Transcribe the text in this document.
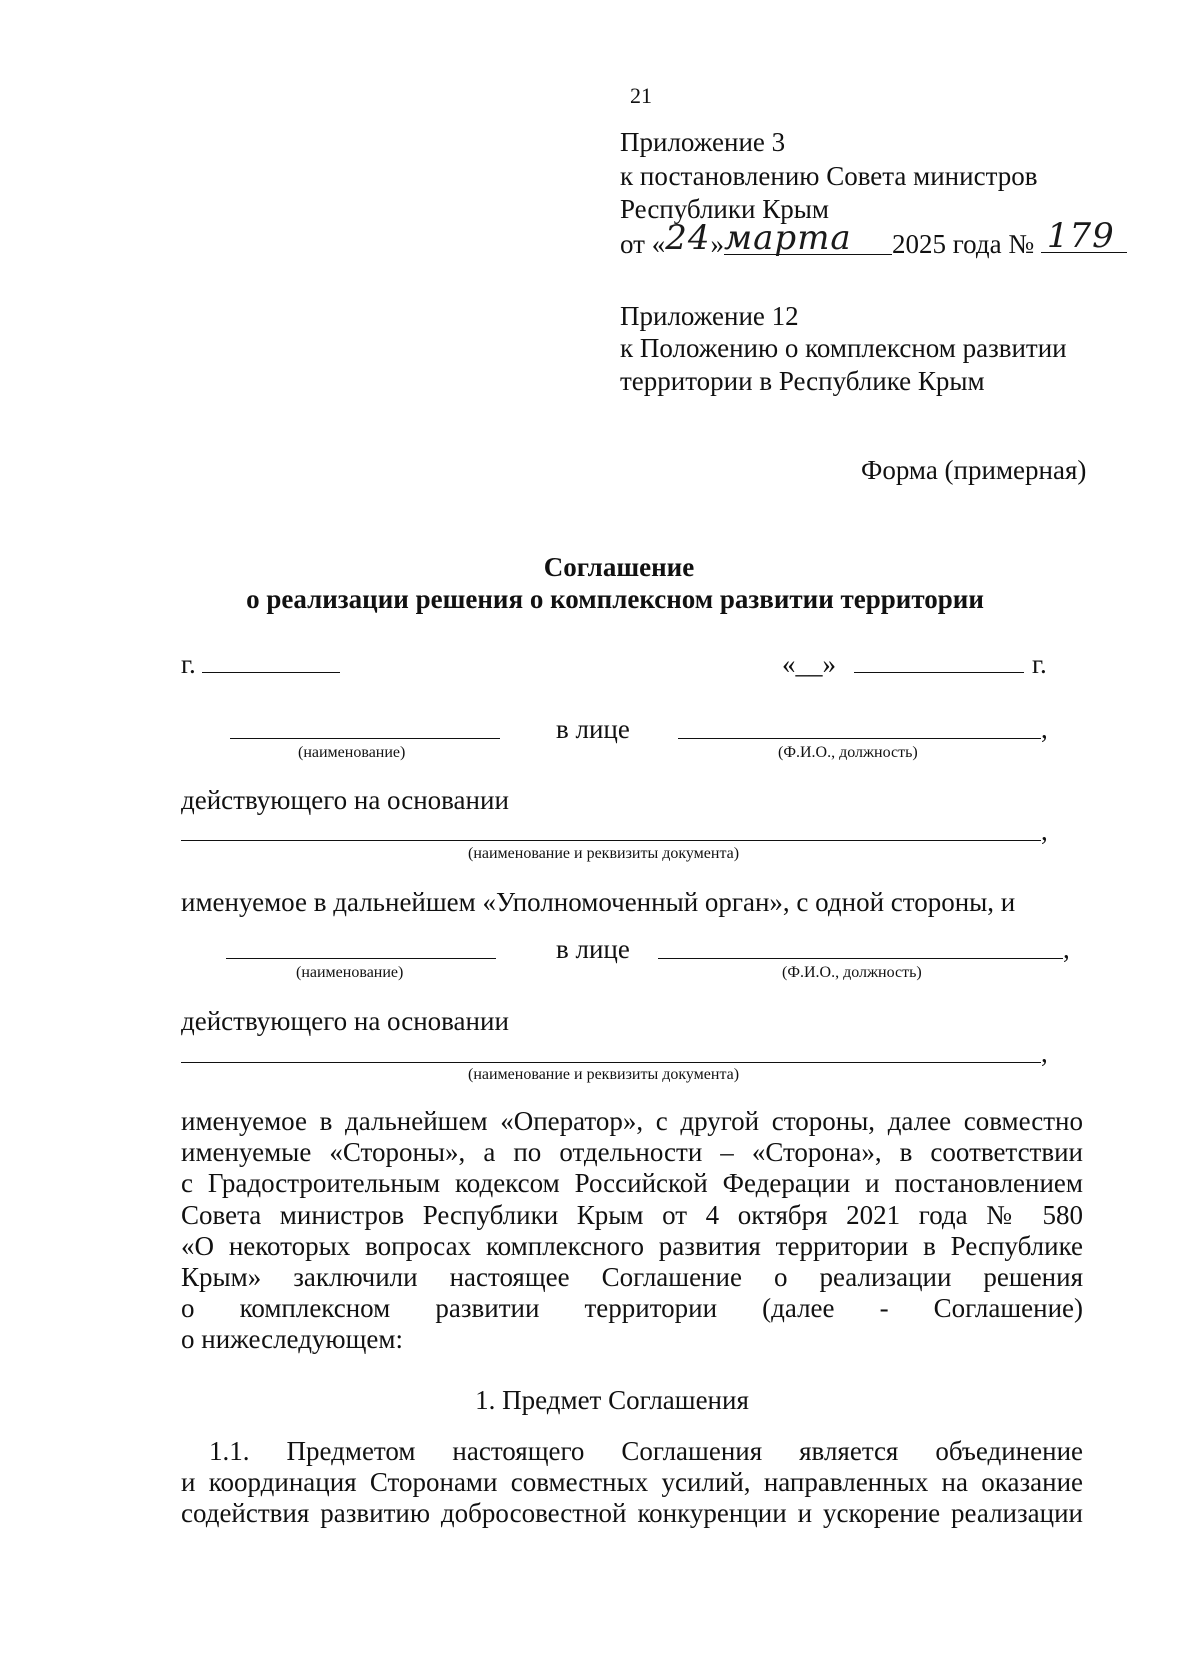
21
Приложение 3
к постановлению Совета министров
Республики Крым
от «24»марта 2025 года № 179
Приложение 12
к Положению о комплексном развитии
территории в Республике Крым
Форма (примерная)
Соглашение
о реализации решения о комплексном развитии территории
г.	«__»	г.
в лице	,
(наименование)	(Ф.И.О., должность)
действующего на основании
,
(наименование и реквизиты документа)
именуемое в дальнейшем «Уполномоченный орган», с одной стороны, и
в лице	,
(наименование)	(Ф.И.О., должность)
действующего на основании
,
(наименование и реквизиты документа)
именуемое в дальнейшем «Оператор», с другой стороны, далее совместно
именуемые «Стороны», а по отдельности – «Сторона», в соответствии
с Градостроительным кодексом Российской Федерации и постановлением
Совета министров Республики Крым от 4 октября 2021 года № 580
«О некоторых вопросах комплексного развития территории в Республике
Крым» заключили настоящее Соглашение о реализации решения
о комплексном развитии территории (далее - Соглашение)
о нижеследующем:
1. Предмет Соглашения
1.1. Предметом настоящего Соглашения является объединение
и координация Сторонами совместных усилий, направленных на оказание
содействия развитию добросовестной конкуренции и ускорение реализации
